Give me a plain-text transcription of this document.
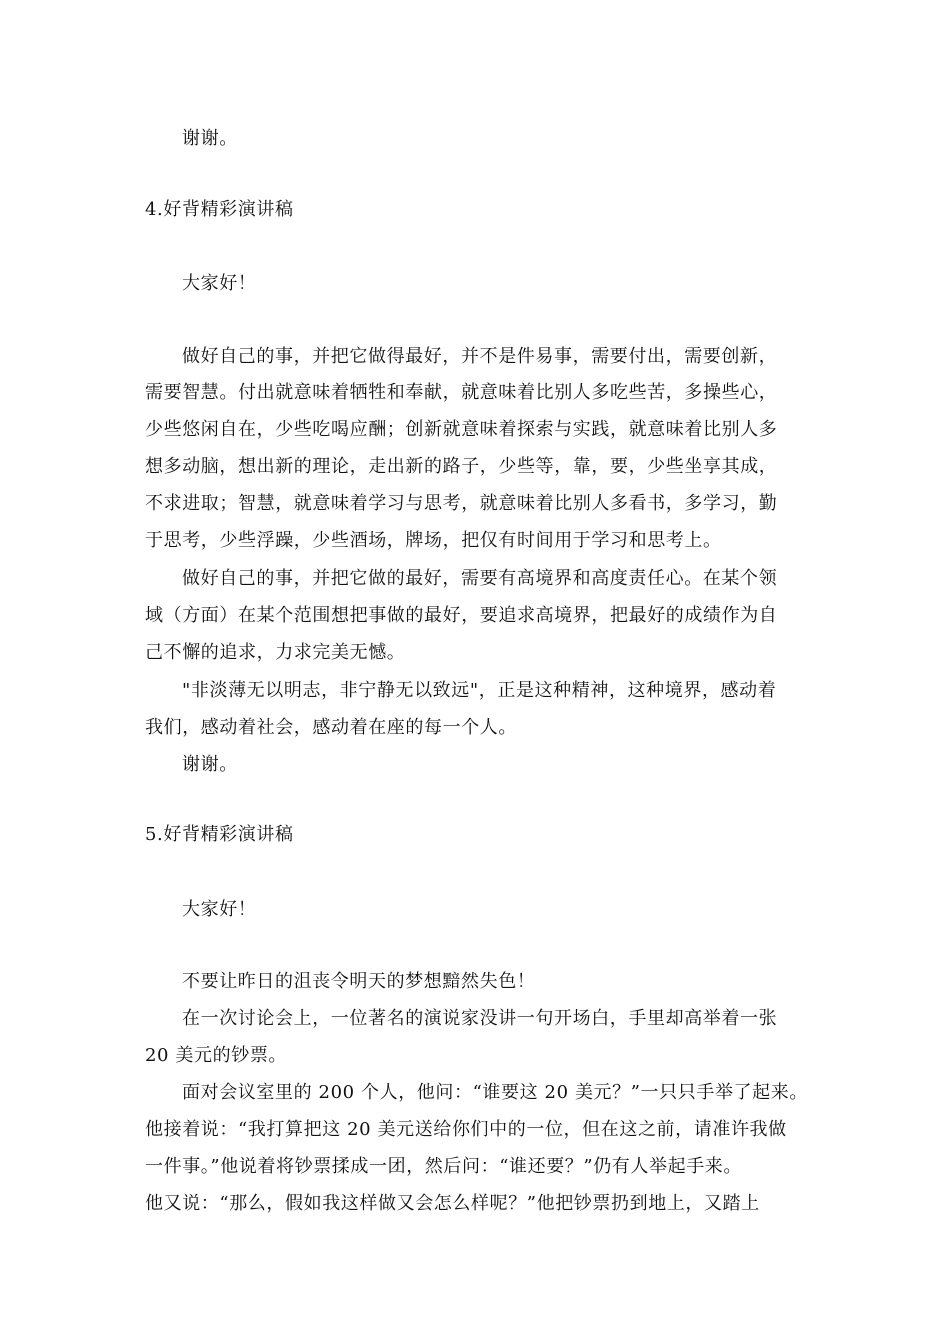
谢谢。
4.好背精彩演讲稿
大家好！
做好自己的事，并把它做得最好，并不是件易事，需要付出，需要创新，
需要智慧。付出就意味着牺牲和奉献，就意味着比别人多吃些苦，多操些心，
少些悠闲自在，少些吃喝应酬；创新就意味着探索与实践，就意味着比别人多
想多动脑，想出新的理论，走出新的路子，少些等，靠，要，少些坐享其成，
不求进取；智慧，就意味着学习与思考，就意味着比别人多看书，多学习，勤
于思考，少些浮躁，少些酒场，牌场，把仅有时间用于学习和思考上。
做好自己的事，并把它做的最好，需要有高境界和高度责任心。在某个领
域（方面）在某个范围想把事做的最好，要追求高境界，把最好的成绩作为自
己不懈的追求，力求完美无憾。
"非淡薄无以明志，非宁静无以致远"，正是这种精神，这种境界，感动着
我们，感动着社会，感动着在座的每一个人。
谢谢。
5.好背精彩演讲稿
大家好！
不要让昨日的沮丧令明天的梦想黯然失色！
在一次讨论会上，一位著名的演说家没讲一句开场白，手里却高举着一张
20 美元的钞票。
面对会议室里的 200 个人，他问：“谁要这 20 美元？”一只只手举了起来。
他接着说：“我打算把这 20 美元送给你们中的一位，但在这之前，请准许我做
一件事。”他说着将钞票揉成一团，然后问：“谁还要？”仍有人举起手来。
他又说：“那么，假如我这样做又会怎么样呢？”他把钞票扔到地上，又踏上
